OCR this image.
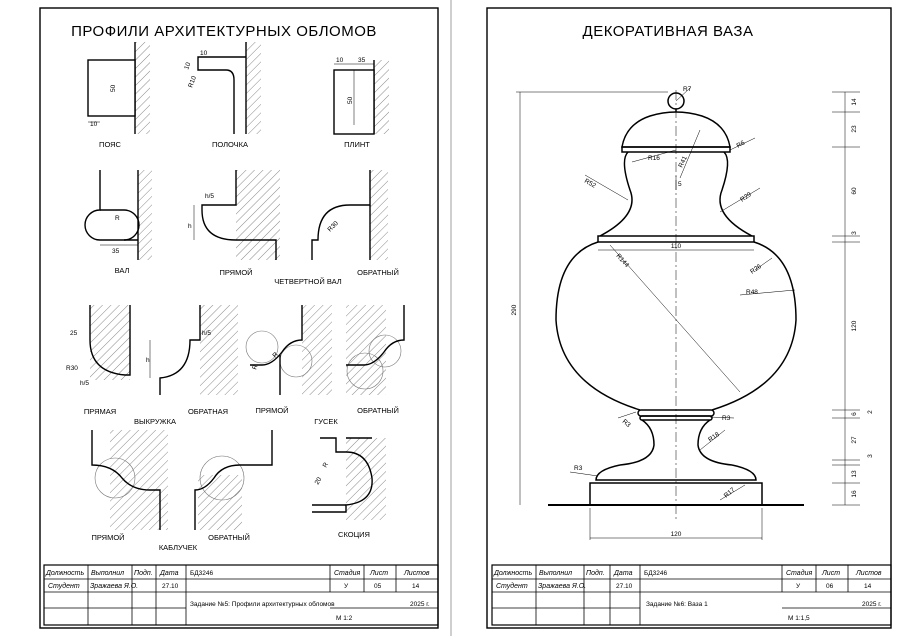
ПРОФИЛИ АРХИТЕКТУРНЫХ ОБЛОМОВ
50
10
ПОЯС
10
10
R10
ПОЛОЧКА
10 35
50
ПЛИНТ
R
35
ВАЛ
h/5
h
ПРЯМОЙ
R30
ОБРАТНЫЙ
ЧЕТВЕРТНОЙ ВАЛ
25
R30
h/5
ПРЯМАЯ
h/5
h
ОБРАТНАЯ
ВЫКРУЖКА
R
R
ПРЯМОЙ	ОБРАТНЫЙ
ГУСЕК
ПРЯМОЙ	ОБРАТНЫЙ
КАБЛУЧЕК
R
20
СКОЦИЯ
Должность Выполнил Подп. Дата БД3246	Стадия Лист Листов
Студент Зражаева Я.О.	27.10	У	05	14
Задание №5: Профили архитектурных обломов	2025 г.
М 1:2
ДЕКОРАТИВНАЯ ВАЗА
R7
R16	R41
R6
R52
R29
R144
R26
R48
R3	R3
R18
R3
R17
110
120
5
290
14
23
60
3
120
6
2
27
3
13
16
Должность Выполнил Подп. Дата БД3246	Стадия Лист Листов
Студент Зражаева Я.О.	27.10	У	06	14
Задание №6: Ваза 1	2025 г.
М 1:1,5
